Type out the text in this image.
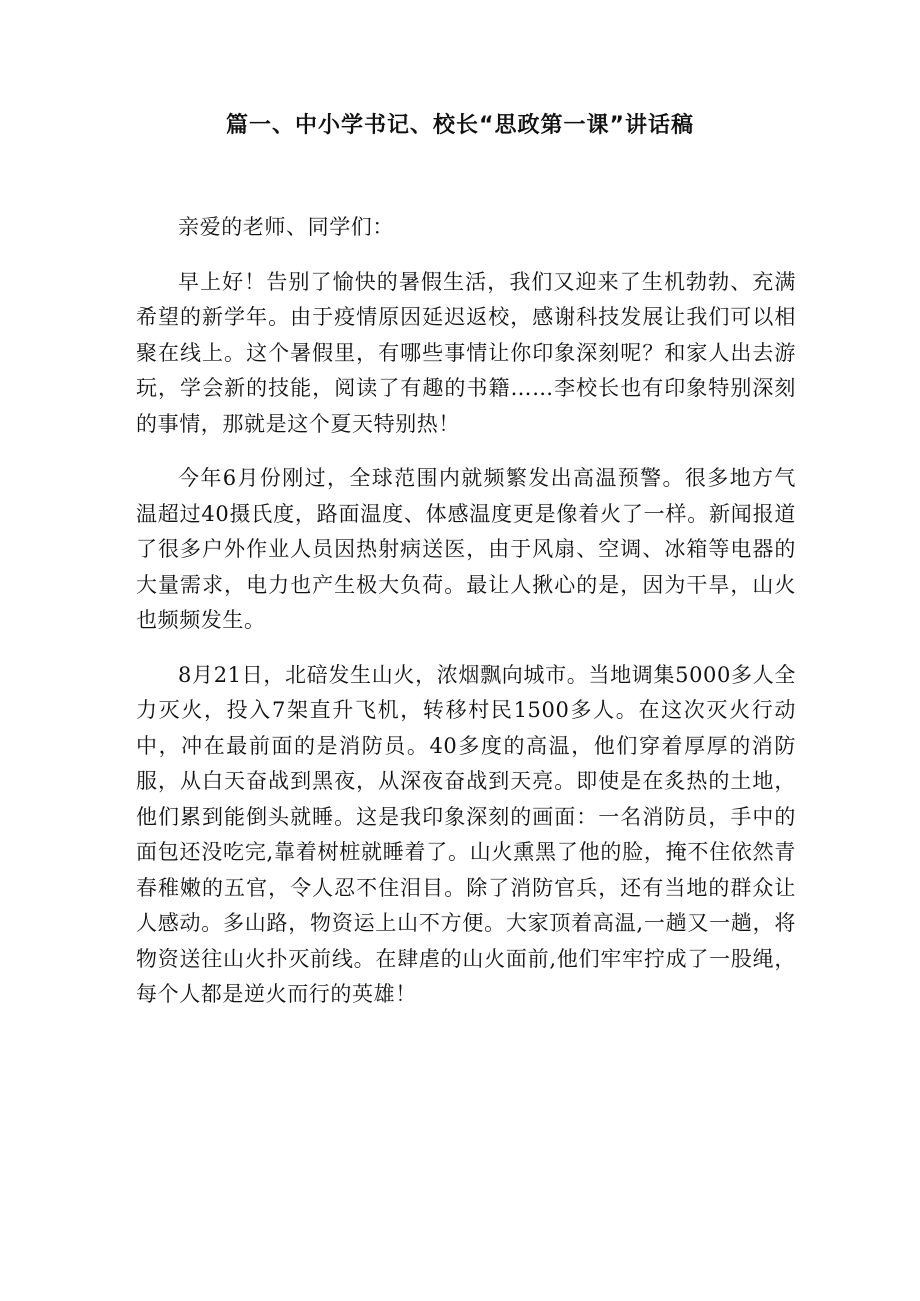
篇一、中小学书记、校长“思政第一课”讲话稿

亲爱的老师、同学们：

早上好！告别了愉快的暑假生活，我们又迎来了生机勃勃、充满希望的新学年。由于疫情原因延迟返校，感谢科技发展让我们可以相聚在线上。这个暑假里，有哪些事情让你印象深刻呢？和家人出去游玩，学会新的技能，阅读了有趣的书籍……李校长也有印象特别深刻的事情，那就是这个夏天特别热！

今年6月份刚过，全球范围内就频繁发出高温预警。很多地方气温超过40摄氏度，路面温度、体感温度更是像着火了一样。新闻报道了很多户外作业人员因热射病送医，由于风扇、空调、冰箱等电器的大量需求，电力也产生极大负荷。最让人揪心的是，因为干旱，山火也频频发生。

8月21日，北碚发生山火，浓烟飘向城市。当地调集5000多人全力灭火，投入7架直升飞机，转移村民1500多人。在这次灭火行动中，冲在最前面的是消防员。40多度的高温，他们穿着厚厚的消防服，从白天奋战到黑夜，从深夜奋战到天亮。即使是在炙热的土地，他们累到能倒头就睡。这是我印象深刻的画面：一名消防员，手中的面包还没吃完,靠着树桩就睡着了。山火熏黑了他的脸，掩不住依然青春稚嫩的五官，令人忍不住泪目。除了消防官兵，还有当地的群众让人感动。多山路，物资运上山不方便。大家顶着高温,一趟又一趟，将物资送往山火扑灭前线。在肆虐的山火面前,他们牢牢拧成了一股绳，每个人都是逆火而行的英雄！
